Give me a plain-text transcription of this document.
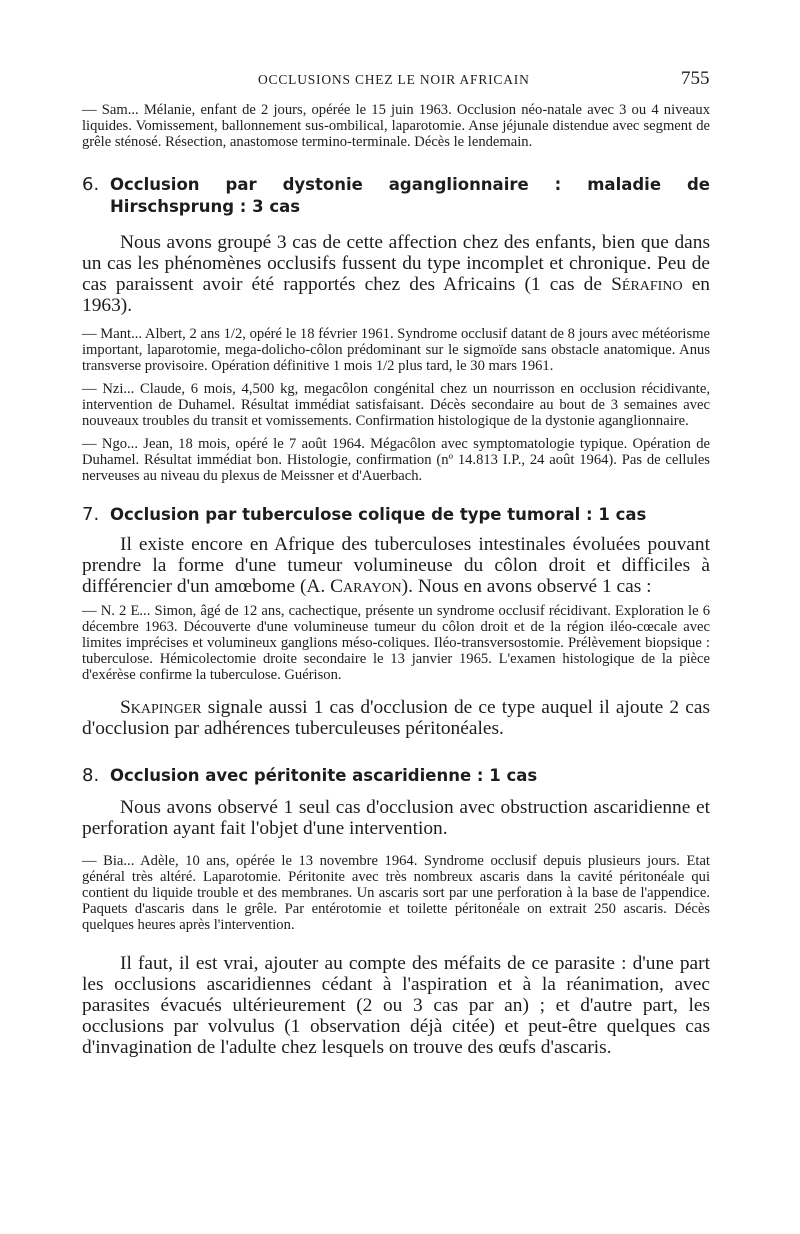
OCCLUSIONS CHEZ LE NOIR AFRICAIN	755

— Sam... Mélanie, enfant de 2 jours, opérée le 15 juin 1963. Occlusion néo-natale avec 3 ou 4 niveaux liquides. Vomissement, ballonnement sus-ombilical, laparotomie. Anse jéjunale distendue avec segment de grêle sténosé. Résection, anastomose termino-terminale. Décès le lendemain.

6. Occlusion par dystonie aganglionnaire : maladie de Hirschsprung : 3 cas

Nous avons groupé 3 cas de cette affection chez des enfants, bien que dans un cas les phénomènes occlusifs fussent du type incomplet et chronique. Peu de cas paraissent avoir été rapportés chez des Africains (1 cas de Sérafino en 1963).

— Mant... Albert, 2 ans 1/2, opéré le 18 février 1961. Syndrome occlusif datant de 8 jours avec météorisme important, laparotomie, mega-dolicho-côlon prédominant sur le sigmoïde sans obstacle anatomique. Anus transverse provisoire. Opération définitive 1 mois 1/2 plus tard, le 30 mars 1961.

— Nzi... Claude, 6 mois, 4,500 kg, megacôlon congénital chez un nourrisson en occlusion récidivante, intervention de Duhamel. Résultat immédiat satisfaisant. Décès secondaire au bout de 3 semaines avec nouveaux troubles du transit et vomissements. Confirmation histologique de la dystonie aganglionnaire.

— Ngo... Jean, 18 mois, opéré le 7 août 1964. Mégacôlon avec symptomatologie typique. Opération de Duhamel. Résultat immédiat bon. Histologie, confirmation (nº 14.813 I.P., 24 août 1964). Pas de cellules nerveuses au niveau du plexus de Meissner et d'Auerbach.

7. Occlusion par tuberculose colique de type tumoral : 1 cas

Il existe encore en Afrique des tuberculoses intestinales évoluées pouvant prendre la forme d'une tumeur volumineuse du côlon droit et difficiles à différencier d'un amœbome (A. Carayon). Nous en avons observé 1 cas :

— N. 2 E... Simon, âgé de 12 ans, cachectique, présente un syndrome occlusif récidivant. Exploration le 6 décembre 1963. Découverte d'une volumineuse tumeur du côlon droit et de la région iléo-cœcale avec limites imprécises et volumineux ganglions méso-coliques. Iléo-transversostomie. Prélèvement biopsique : tuberculose. Hémicolectomie droite secondaire le 13 janvier 1965. L'examen histologique de la pièce d'exérèse confirme la tuberculose. Guérison.

Skapinger signale aussi 1 cas d'occlusion de ce type auquel il ajoute 2 cas d'occlusion par adhérences tuberculeuses péritonéales.

8. Occlusion avec péritonite ascaridienne : 1 cas

Nous avons observé 1 seul cas d'occlusion avec obstruction ascaridienne et perforation ayant fait l'objet d'une intervention.

— Bia... Adèle, 10 ans, opérée le 13 novembre 1964. Syndrome occlusif depuis plusieurs jours. Etat général très altéré. Laparotomie. Péritonite avec très nombreux ascaris dans la cavité péritonéale qui contient du liquide trouble et des membranes. Un ascaris sort par une perforation à la base de l'appendice. Paquets d'ascaris dans le grêle. Par entérotomie et toilette péritonéale on extrait 250 ascaris. Décès quelques heures après l'intervention.

Il faut, il est vrai, ajouter au compte des méfaits de ce parasite : d'une part les occlusions ascaridiennes cédant à l'aspiration et à la réanimation, avec parasites évacués ultérieurement (2 ou 3 cas par an) ; et d'autre part, les occlusions par volvulus (1 observation déjà citée) et peut-être quelques cas d'invagination de l'adulte chez lesquels on trouve des œufs d'ascaris.
